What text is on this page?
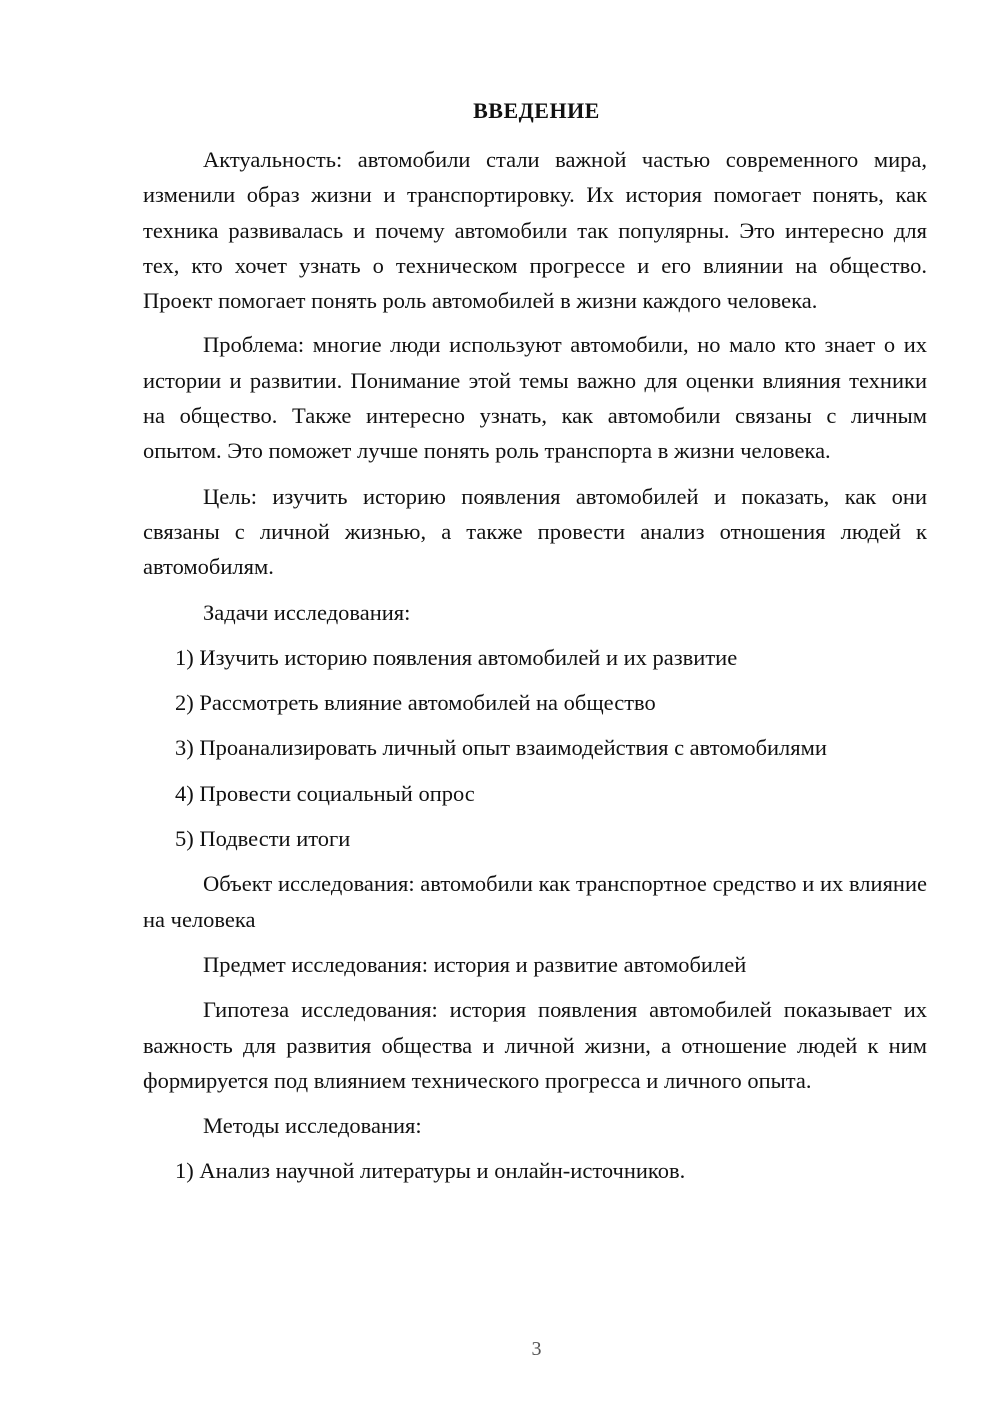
ВВЕДЕНИЕ

Актуальность: автомобили стали важной частью современного мира, изменили образ жизни и транспортировку. Их история помогает понять, как техника развивалась и почему автомобили так популярны. Это интересно для тех, кто хочет узнать о техническом прогрессе и его влиянии на общество. Проект помогает понять роль автомобилей в жизни каждого человека.

Проблема: многие люди используют автомобили, но мало кто знает о их истории и развитии. Понимание этой темы важно для оценки влияния техники на общество. Также интересно узнать, как автомобили связаны с личным опытом. Это поможет лучше понять роль транспорта в жизни человека.

Цель: изучить историю появления автомобилей и показать, как они связаны с личной жизнью, а также провести анализ отношения людей к автомобилям.

Задачи исследования:

1) Изучить историю появления автомобилей и их развитие

2) Рассмотреть влияние автомобилей на общество

3) Проанализировать личный опыт взаимодействия с автомобилями

4) Провести социальный опрос

5) Подвести итоги

Объект исследования: автомобили как транспортное средство и их влияние на человека

Предмет исследования: история и развитие автомобилей

Гипотеза исследования: история появления автомобилей показывает их важность для развития общества и личной жизни, а отношение людей к ним формируется под влиянием технического прогресса и личного опыта.

Методы исследования:

1) Анализ научной литературы и онлайн-источников.

3
